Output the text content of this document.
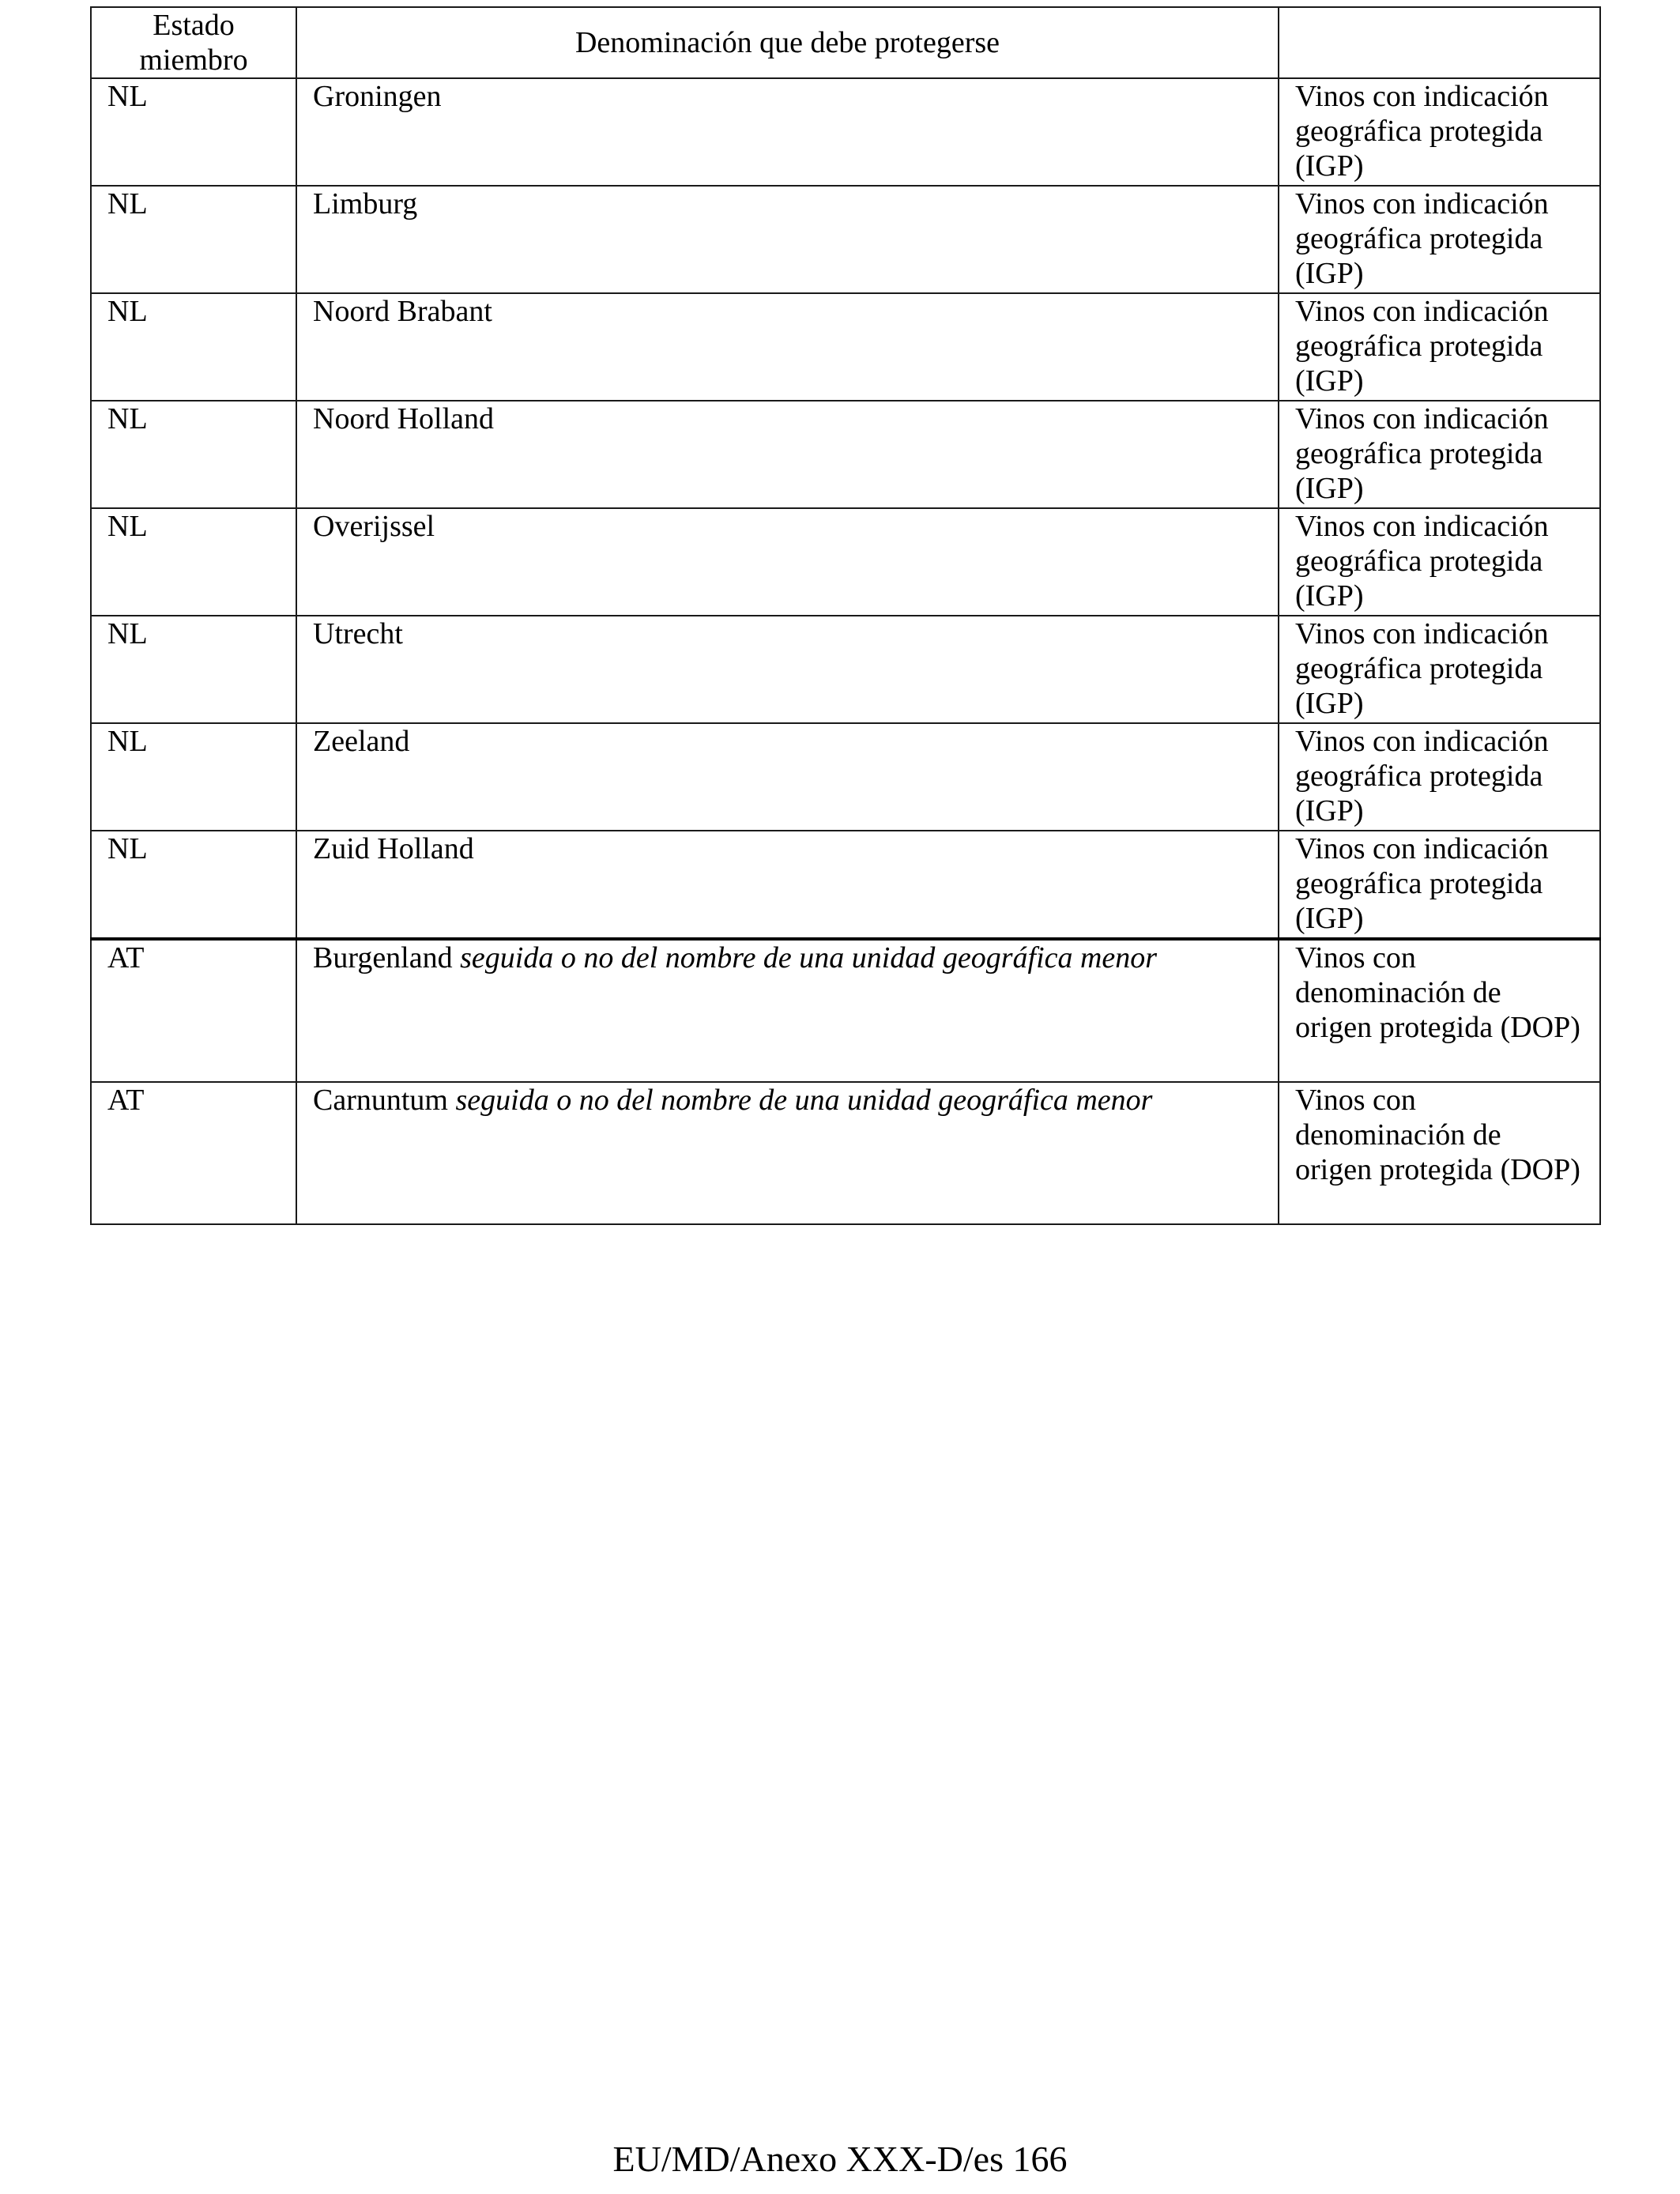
Estado miembro	Denominación que debe protegerse	
NL	Groningen	Vinos con indicación geográfica protegida (IGP)
NL	Limburg	Vinos con indicación geográfica protegida (IGP)
NL	Noord Brabant	Vinos con indicación geográfica protegida (IGP)
NL	Noord Holland	Vinos con indicación geográfica protegida (IGP)
NL	Overijssel	Vinos con indicación geográfica protegida (IGP)
NL	Utrecht	Vinos con indicación geográfica protegida (IGP)
NL	Zeeland	Vinos con indicación geográfica protegida (IGP)
NL	Zuid Holland	Vinos con indicación geográfica protegida (IGP)
AT	Burgenland seguida o no del nombre de una unidad geográfica menor	Vinos con denominación de origen protegida (DOP)
AT	Carnuntum seguida o no del nombre de una unidad geográfica menor	Vinos con denominación de origen protegida (DOP)
EU/MD/Anexo XXX-D/es 166
